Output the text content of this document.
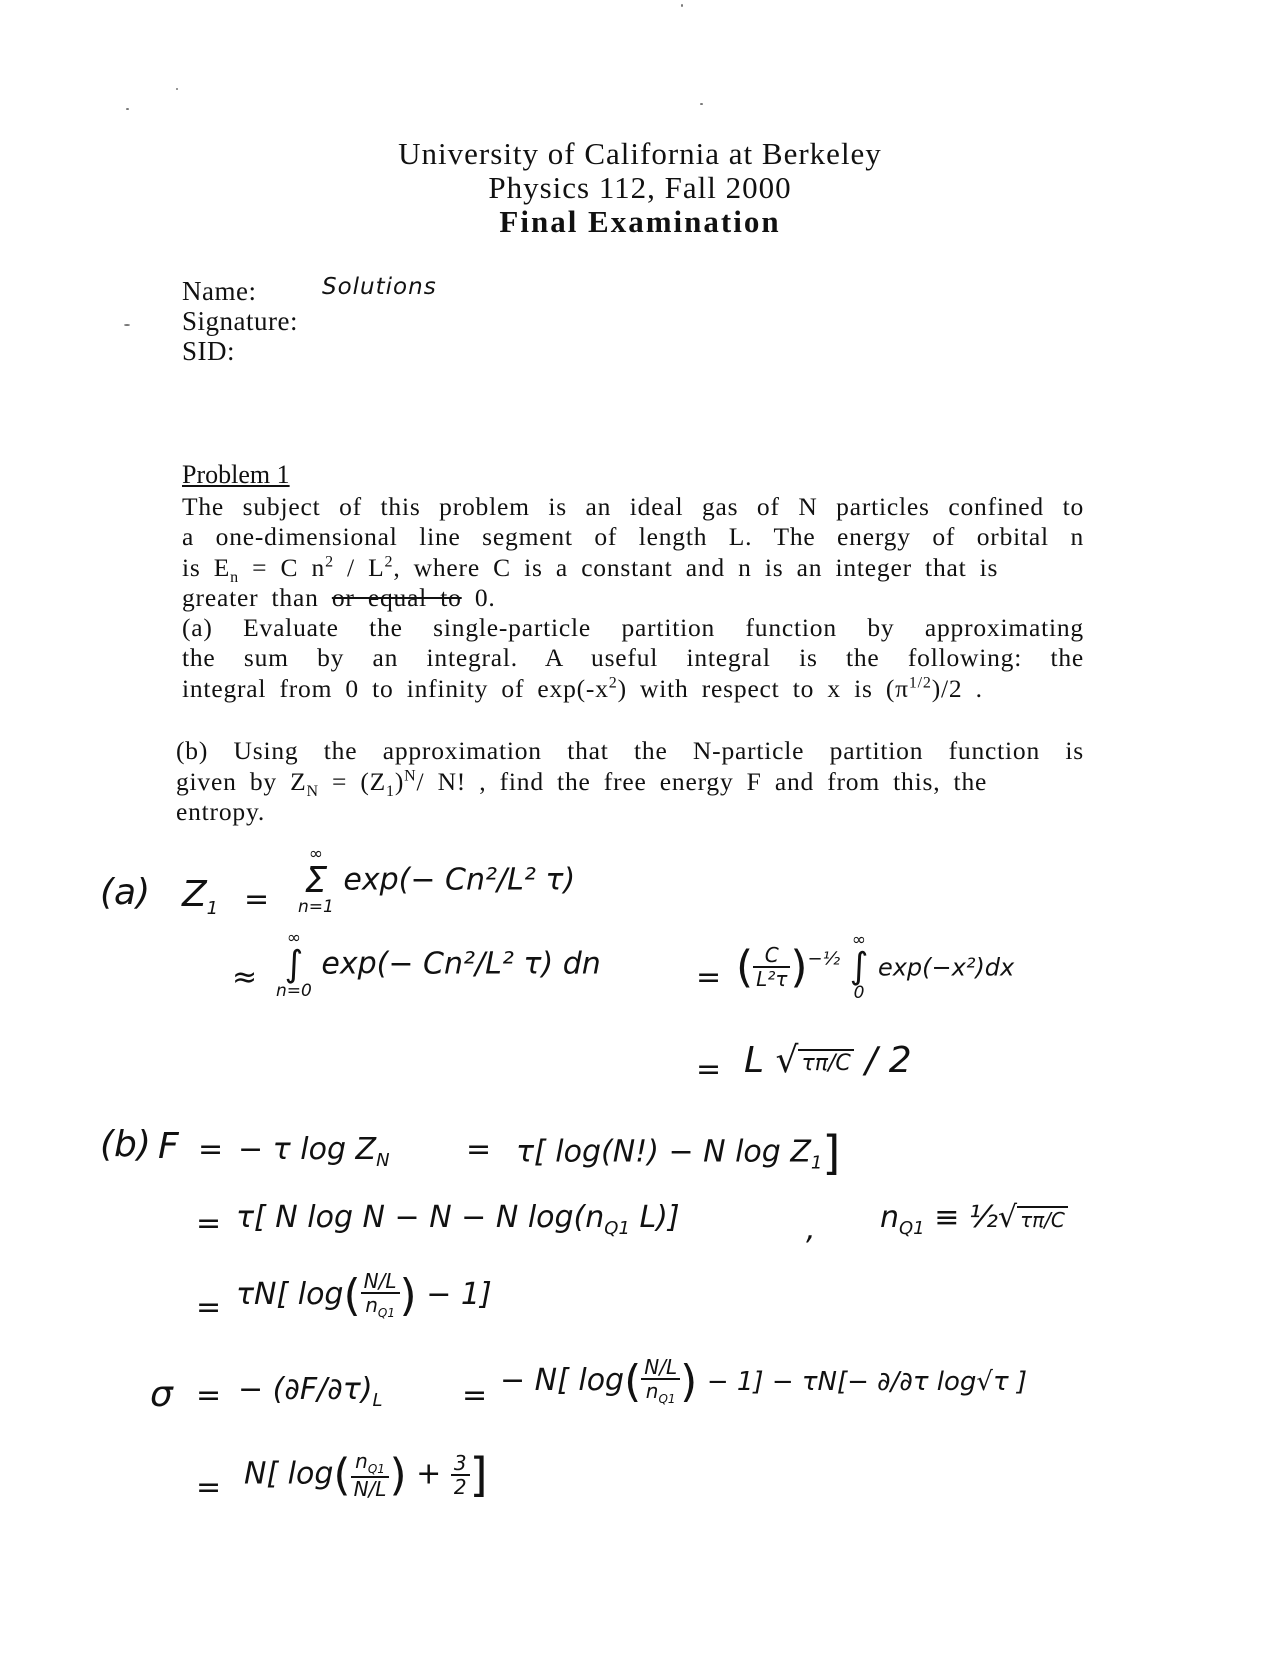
University of California at Berkeley
Physics 112, Fall 2000
Final Examination
Name:	Solutions
Signature:
SID:
Problem 1
The subject of this problem is an ideal gas of N particles confined to
a one-dimensional line segment of length L. The energy of orbital n
is $E_n = C$ $n^2 / L^2$, where C is a constant and n is an integer that is
greater than or equal to 0.
(a) Evaluate the single-particle partition function by approximating
the sum by an integral. A useful integral is the following: the
integral from 0 to infinity of $\exp(-x^2)$ with respect to x is $(\pi^{1/2})/2$ .
(b) Using the approximation that the N-particle partition function is
given by $Z_N = (Z_1)^N/$ N! , find the free energy F and from this, the
entropy.
(a) $Z_1$ =
∞
Σ
n=1
exp(− Cn²/L² τ)
≈
∞
∫
n=0
exp(− Cn²/L² τ) dn	= ( $\frac{C}{\text{L²τ}} )^{-\frac{1}{2}}$
∞
∫
0
exp(−x²)dx
= L √ τπ/C / 2
(b) F = − τ $\log Z_N$	= τ[ log(N!) − N $\log Z_1$]
= τ[ N log N − N − N $\log(n_{Q1}$ L)]	, $n_{Q1}$ ≡ ½√ τπ/C
= τN[ $\log( \frac{N/L}{n_{Q1}}$ ) − 1]
σ = − $(\partial F/\partial\tau)_L$	= − N[ $\log( \frac{N/L}{n_{Q1}}$ ) − 1] − τN[− ∂/∂τ log√τ ]
= N[ $\log( \frac{n_{Q1}}{N/L}$ ) + $\frac{3}{2}$ ]
